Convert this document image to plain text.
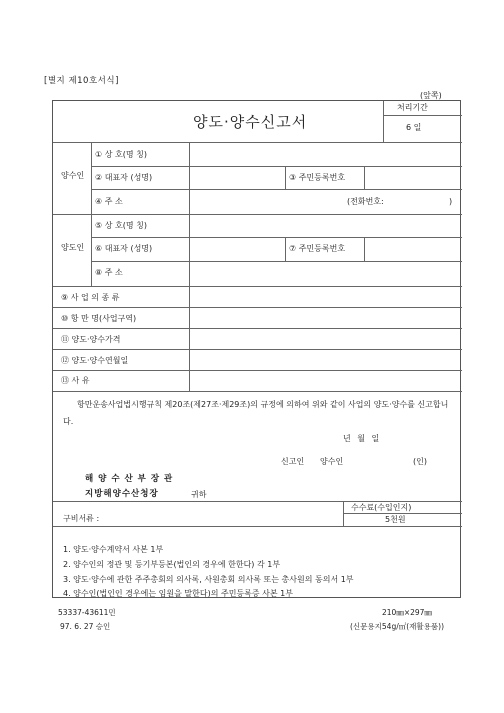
[별지 제10호서식]
(앞쪽)
양도·양수신고서
처리기간
6 일
양수인
① 상 호(명 칭)
② 대표자 (성명)	③ 주민등록번호
④ 주 소	(전화번호:	)
양도인
⑤ 상 호(명 칭)
⑥ 대표자 (성명)	⑦ 주민등록번호
⑧ 주 소
⑨ 사 업 의 종 류
⑩ 항 만 명(사업구역)
⑪ 양도·양수가격
⑫ 양도·양수연월일
⑬ 사 유
항만운송사업법시행규칙 제20조(제27조·제29조)의 규정에 의하여 위와 같이 사업의 양도·양수를 신고합니다.
년 월 일
신고인 양수인	(인)
해 양 수 산 부 장 관
지방해양수산청장	귀하
구비서류 :
수수료(수입인지)
5천원
1. 양도·양수계약서 사본 1부
2. 양수인의 정관 및 등기부등본(법인의 경우에 한한다) 각 1부
3. 양도·양수에 관한 주주총회의 의사록, 사원총회 의사록 또는 총사원의 동의서 1부
4. 양수인(법인인 경우에는 임원을 말한다)의 주민등록증 사본 1부
53337-43611민
97. 6. 27 승인
210㎜×297㎜
(신문용지54g/㎡(재활용품))
